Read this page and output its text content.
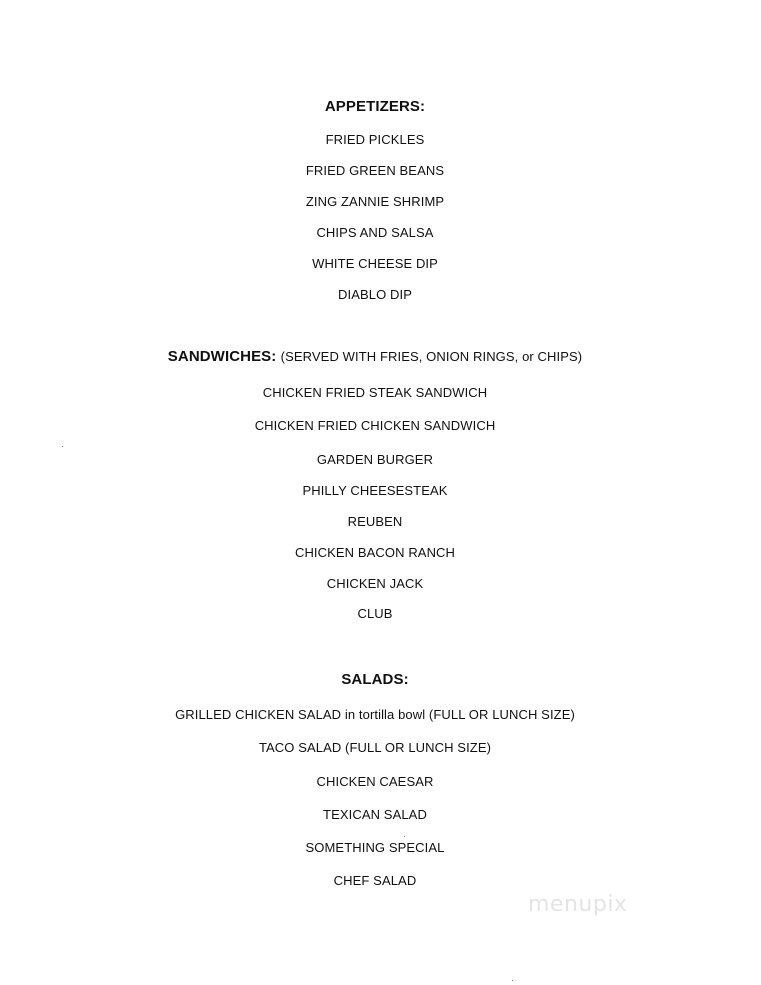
APPETIZERS:
FRIED PICKLES
FRIED GREEN BEANS
ZING ZANNIE SHRIMP
CHIPS AND SALSA
WHITE CHEESE DIP
DIABLO DIP
SANDWICHES: (SERVED WITH FRIES, ONION RINGS, or CHIPS)
CHICKEN FRIED STEAK SANDWICH
CHICKEN FRIED CHICKEN SANDWICH
GARDEN BURGER
PHILLY CHEESESTEAK
REUBEN
CHICKEN BACON RANCH
CHICKEN JACK
CLUB
SALADS:
GRILLED CHICKEN SALAD in tortilla bowl (FULL OR LUNCH SIZE)
TACO SALAD (FULL OR LUNCH SIZE)
CHICKEN CAESAR
TEXICAN SALAD
SOMETHING SPECIAL
CHEF SALAD
menupix
